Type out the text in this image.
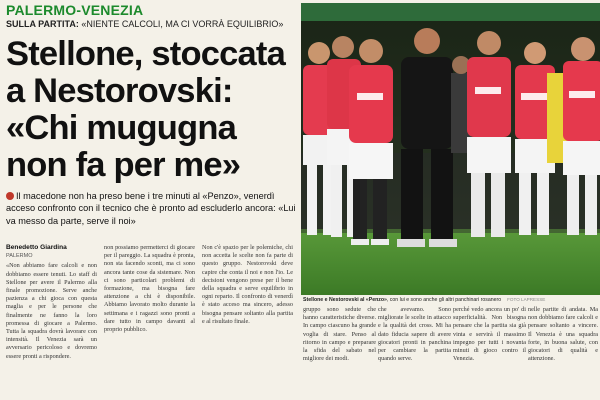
PALERMO-VENEZIA
SULLA PARTITA: «NIENTE CALCOLI, MA CI VORRÀ EQUILIBRIO»
Stellone, stoccata
a Nestorovski:
«Chi mugugna
non fa per me»
Il macedone non ha preso bene i tre minuti al «Penzo», venerdì acceso confronto con il tecnico che è pronto ad escluderlo ancora: «Lui va messo da parte, serve il noi»
Benedetto Giardina
PALERMO
«Non abbiamo fare calcoli e non dobbiamo essere tenuti. Lo staff di Stellone per avere il Palermo alla finale promozione. Serve anche pazienza a chi gioca con questa maglia e per le persone che finalmente ne fanno la loro promessa di giocare a Palermo. Tutta la squadra dovrà lavorare con intensità. Il Venezia sarà un avversario pericoloso e dovremo essere pronti a rispondere.
non possiamo permetterci di giocare per il pareggio. La squadra è pronta, non sta facendo sconti, ma ci sono ancora tante cose da sistemare. Non ci sono particolari problemi di formazione, ma bisogna fare attenzione a chi è disponibile. Abbiamo lavorato molto durante la settimana e i ragazzi sono pronti a dare tutto in campo davanti al proprio pubblico.
Non c'è spazio per le polemiche, chi non accetta le scelte non fa parte di questo gruppo. Nestorovski deve capire che conta il noi e non l'io. Le decisioni vengono prese per il bene della squadra e serve equilibrio in ogni reparto. Il confronto di venerdì è stato acceso ma sincero, adesso bisogna pensare soltanto alla partita e al risultato finale.
Stellone e Nestorovski al «Penzo», con lui e sono anche gli altri panchinari rosanero FOTO LAPRESSE
gruppo sono sedute che hanno caratteristiche diverse. In campo ciascuno ha grande voglia di stare. Penso al ritorno in campo e preparare la sfida del sabato nel migliore dei modi.
che avevamo. Sono migliorate le scelte in attacco e la qualità dei cross. Mi ha dato fiducia sapere di avere giocatori pronti in panchina per cambiare la partita quando serve.
perché vedo ancora un po' di superficialità. Non bisogna pensare che la partita sia già vinta e servirà il massimo impegno per tutti i novanta minuti di gioco contro il Venezia.
nelle partite di andata. Ma non dobbiamo fare calcoli e pensare soltanto a vincere. Il Venezia è una squadra forte, in buona salute, con giocatori di qualità e attenzione.
